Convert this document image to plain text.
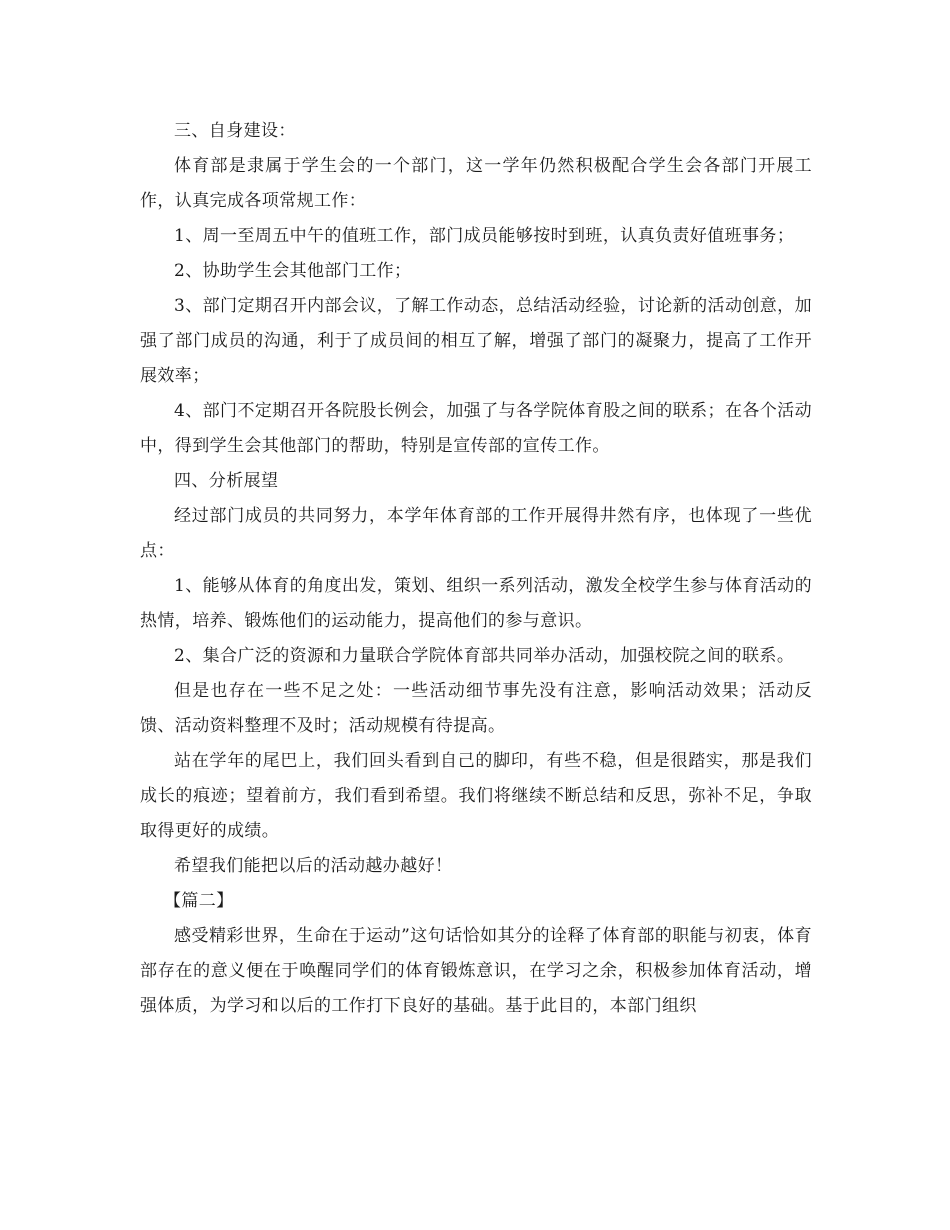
三、自身建设：

体育部是隶属于学生会的一个部门，这一学年仍然积极配合学生会各部门开展工作，认真完成各项常规工作：

1、周一至周五中午的值班工作，部门成员能够按时到班，认真负责好值班事务；

2、协助学生会其他部门工作；

3、部门定期召开内部会议，了解工作动态，总结活动经验，讨论新的活动创意，加强了部门成员的沟通，利于了成员间的相互了解，增强了部门的凝聚力，提高了工作开展效率；

4、部门不定期召开各院股长例会，加强了与各学院体育股之间的联系；在各个活动中，得到学生会其他部门的帮助，特别是宣传部的宣传工作。

四、分析展望

经过部门成员的共同努力，本学年体育部的工作开展得井然有序，也体现了一些优点：

1、能够从体育的角度出发，策划、组织一系列活动，激发全校学生参与体育活动的热情，培养、锻炼他们的运动能力，提高他们的参与意识。

2、集合广泛的资源和力量联合学院体育部共同举办活动，加强校院之间的联系。

但是也存在一些不足之处：一些活动细节事先没有注意，影响活动效果；活动反馈、活动资料整理不及时；活动规模有待提高。

站在学年的尾巴上，我们回头看到自己的脚印，有些不稳，但是很踏实，那是我们成长的痕迹；望着前方，我们看到希望。我们将继续不断总结和反思，弥补不足，争取取得更好的成绩。

希望我们能把以后的活动越办越好！

【篇二】

感受精彩世界，生命在于运动”这句话恰如其分的诠释了体育部的职能与初衷，体育部存在的意义便在于唤醒同学们的体育锻炼意识，在学习之余，积极参加体育活动，增强体质，为学习和以后的工作打下良好的基础。基于此目的，本部门组织
